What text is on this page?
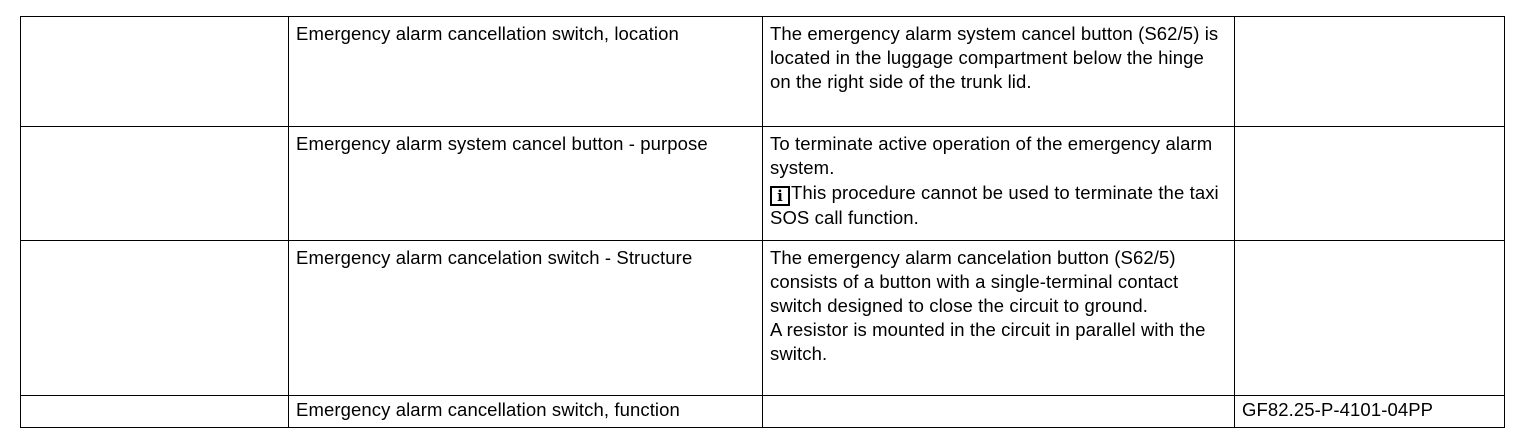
	Emergency alarm cancellation switch, location	The emergency alarm system cancel button (S62/5) is located in the luggage compartment below the hinge on the right side of the trunk lid.	

	Emergency alarm system cancel button - purpose	To terminate active operation of the emergency alarm system.
i This procedure cannot be used to terminate the taxi SOS call function.	

	Emergency alarm cancelation switch - Structure	The emergency alarm cancelation button (S62/5) consists of a button with a single-terminal contact switch designed to close the circuit to ground.
A resistor is mounted in the circuit in parallel with the switch.	

	Emergency alarm cancellation switch, function		GF82.25-P-4101-04PP
